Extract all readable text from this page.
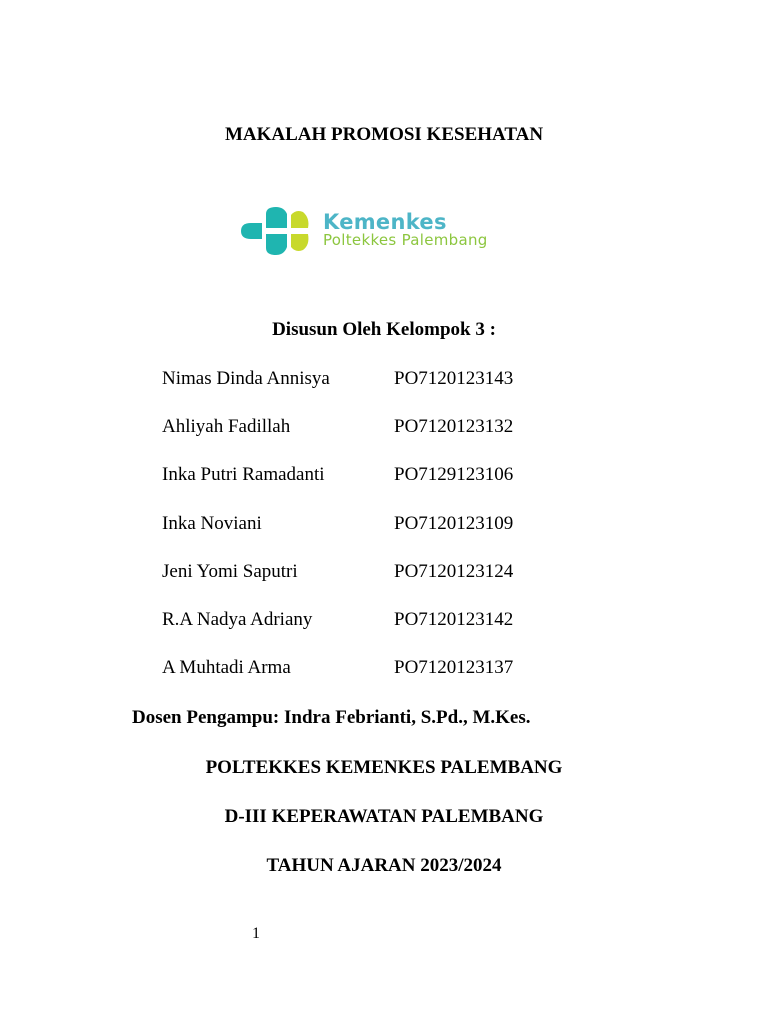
MAKALAH PROMOSI KESEHATAN
Kemenkes
Poltekkes Palembang
Disusun Oleh Kelompok 3 :
Nimas Dinda Annisya	PO7120123143
Ahliyah Fadillah	PO7120123132
Inka Putri Ramadanti	PO7129123106
Inka Noviani	PO7120123109
Jeni Yomi Saputri	PO7120123124
R.A Nadya Adriany	PO7120123142
A Muhtadi Arma	PO7120123137
Dosen Pengampu: Indra Febrianti, S.Pd., M.Kes.
POLTEKKES KEMENKES PALEMBANG
D-III KEPERAWATAN PALEMBANG
TAHUN AJARAN 2023/2024
1
